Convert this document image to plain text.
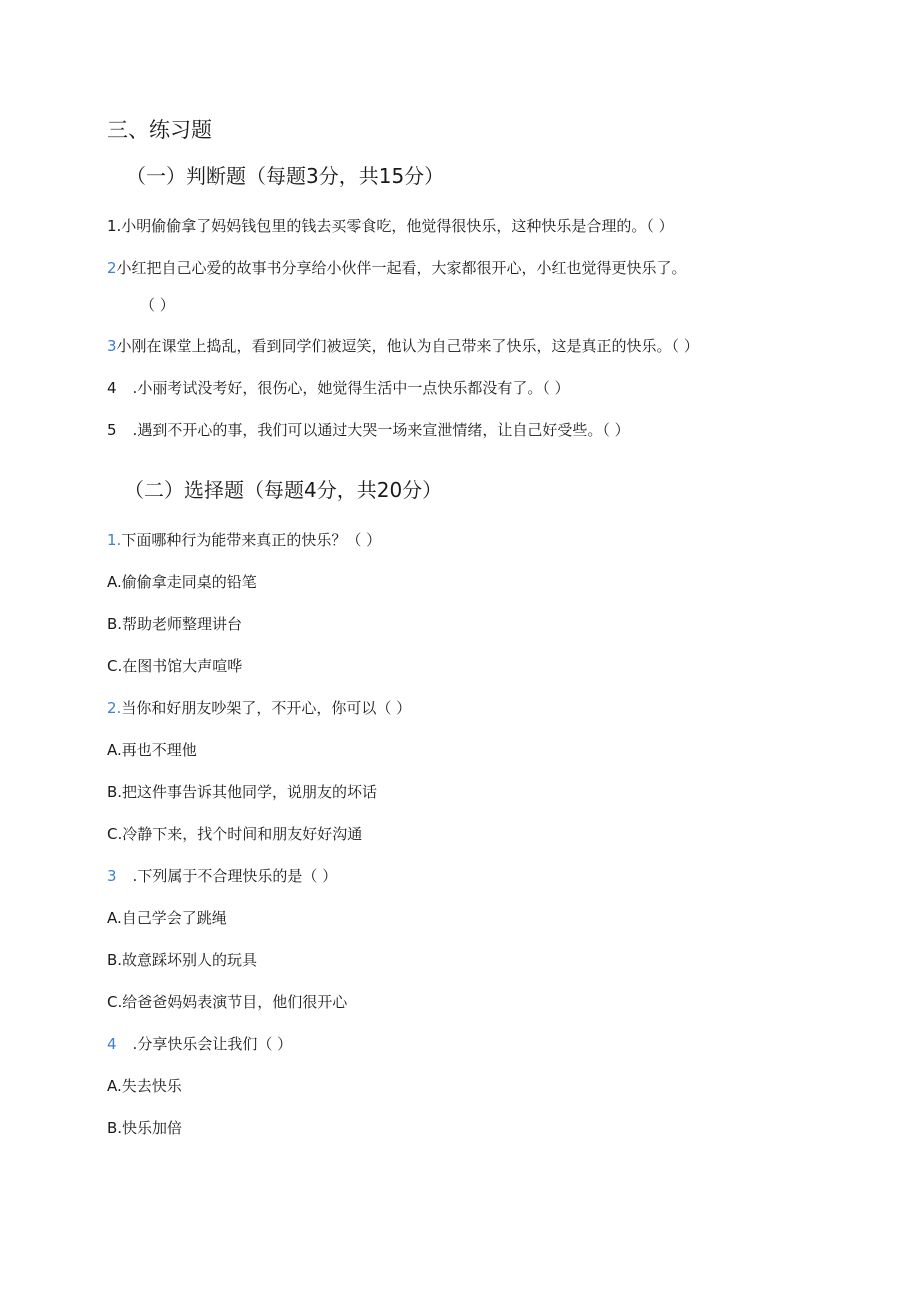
三、练习题
（一）判断题（每题3分，共15分）
1.小明偷偷拿了妈妈钱包里的钱去买零食吃，他觉得很快乐，这种快乐是合理的。（ ）
2小红把自己心爱的故事书分享给小伙伴一起看，大家都很开心，小红也觉得更快乐了。
（ ）
3小刚在课堂上捣乱，看到同学们被逗笑，他认为自己带来了快乐，这是真正的快乐。（ ）
4 .小丽考试没考好，很伤心，她觉得生活中一点快乐都没有了。（ ）
5 .遇到不开心的事，我们可以通过大哭一场来宣泄情绪，让自己好受些。（ ）
（二）选择题（每题4分，共20分）
1.下面哪种行为能带来真正的快乐？（ ）
A.偷偷拿走同桌的铅笔
B.帮助老师整理讲台
C.在图书馆大声喧哗
2.当你和好朋友吵架了，不开心，你可以（ ）
A.再也不理他
B.把这件事告诉其他同学，说朋友的坏话
C.冷静下来，找个时间和朋友好好沟通
3 .下列属于不合理快乐的是（ ）
A.自己学会了跳绳
B.故意踩坏别人的玩具
C.给爸爸妈妈表演节目，他们很开心
4 .分享快乐会让我们（ ）
A.失去快乐
B.快乐加倍
